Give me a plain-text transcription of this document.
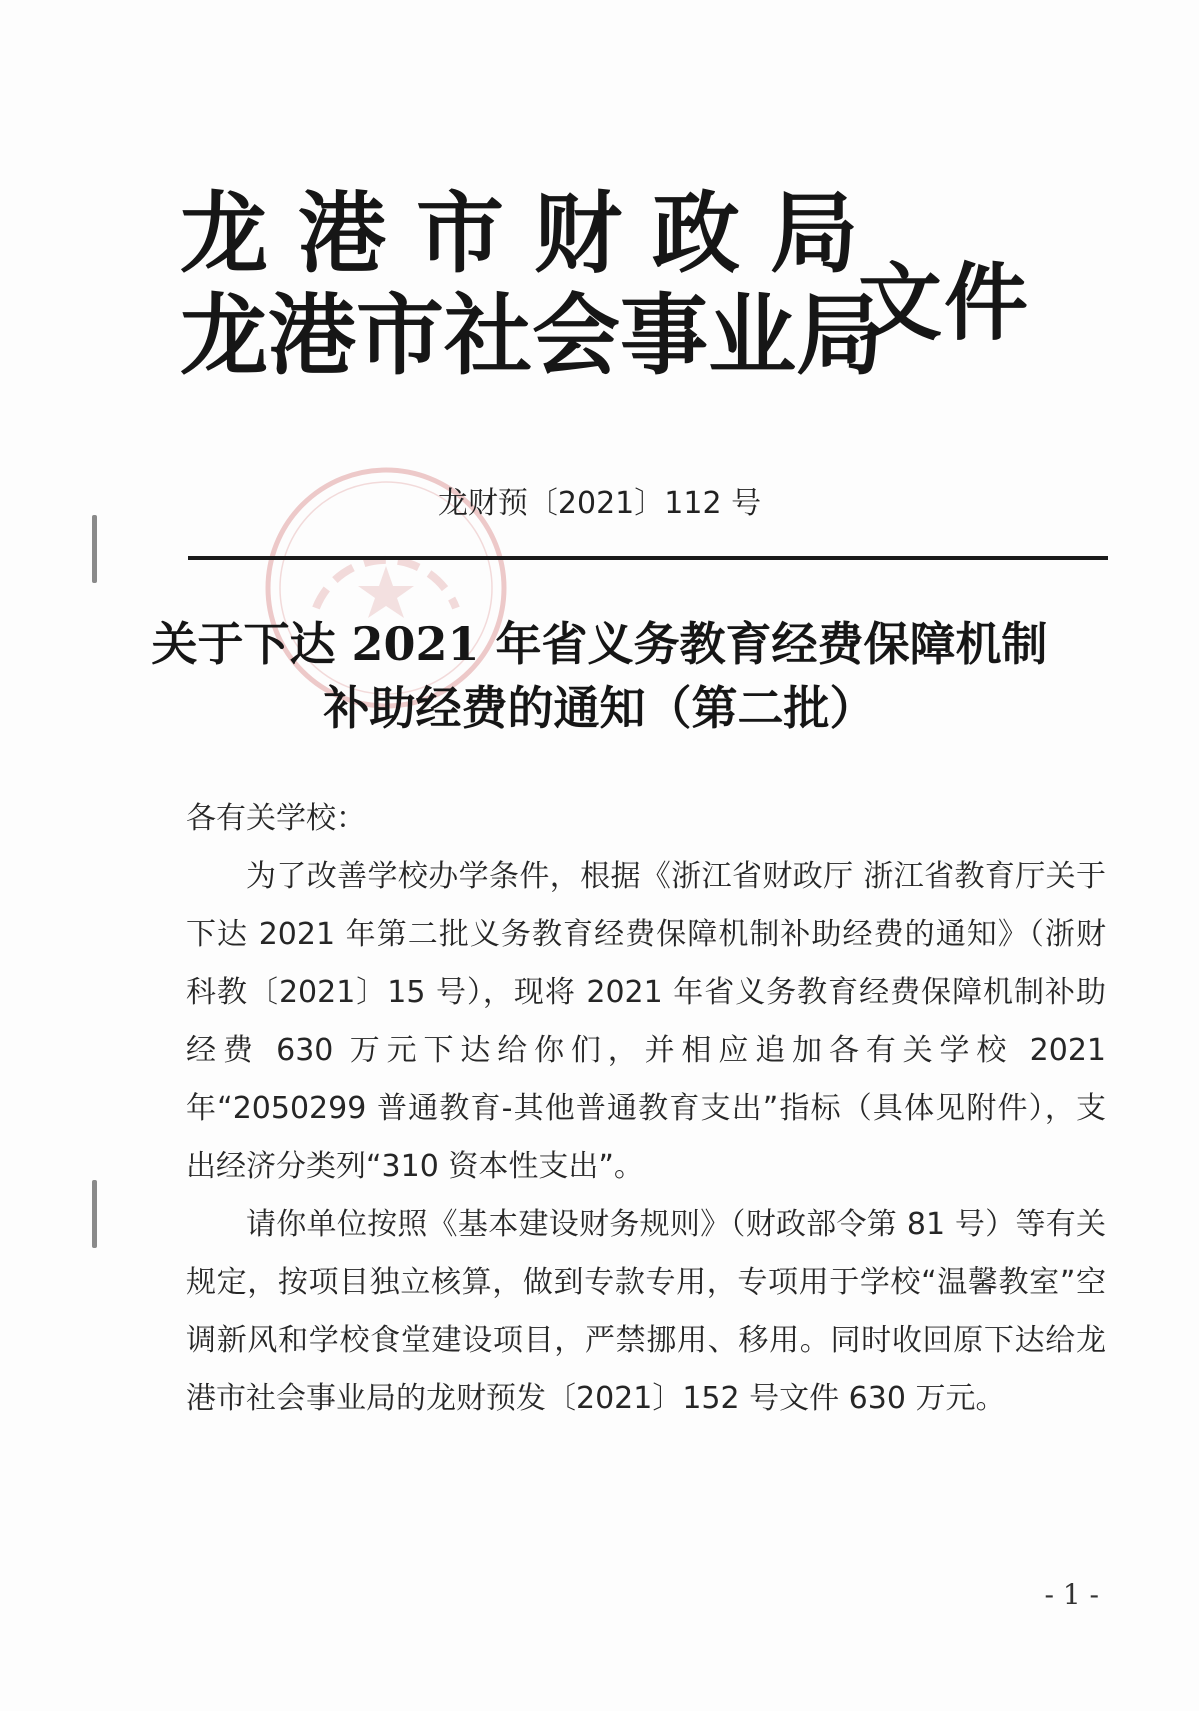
龙港市财政局
龙港市社会事业局
文件
龙财预〔2021〕112 号
关于下达 2021 年省义务教育经费保障机制
补助经费的通知（第二批）

各有关学校：

为了改善学校办学条件，根据《浙江省财政厅 浙江省教育厅关于下达 2021 年第二批义务教育经费保障机制补助经费的通知》（浙财科教〔2021〕15 号），现将 2021 年省义务教育经费保障机制补助经费 630 万元下达给你们，并相应追加各有关学校 2021 年“2050299 普通教育-其他普通教育支出”指标（具体见附件），支出经济分类列“310 资本性支出”。

请你单位按照《基本建设财务规则》（财政部令第 81 号）等有关规定，按项目独立核算，做到专款专用，专项用于学校“温馨教室”空调新风和学校食堂建设项目，严禁挪用、移用。同时收回原下达给龙港市社会事业局的龙财预发〔2021〕152 号文件 630 万元。

- 1 -
